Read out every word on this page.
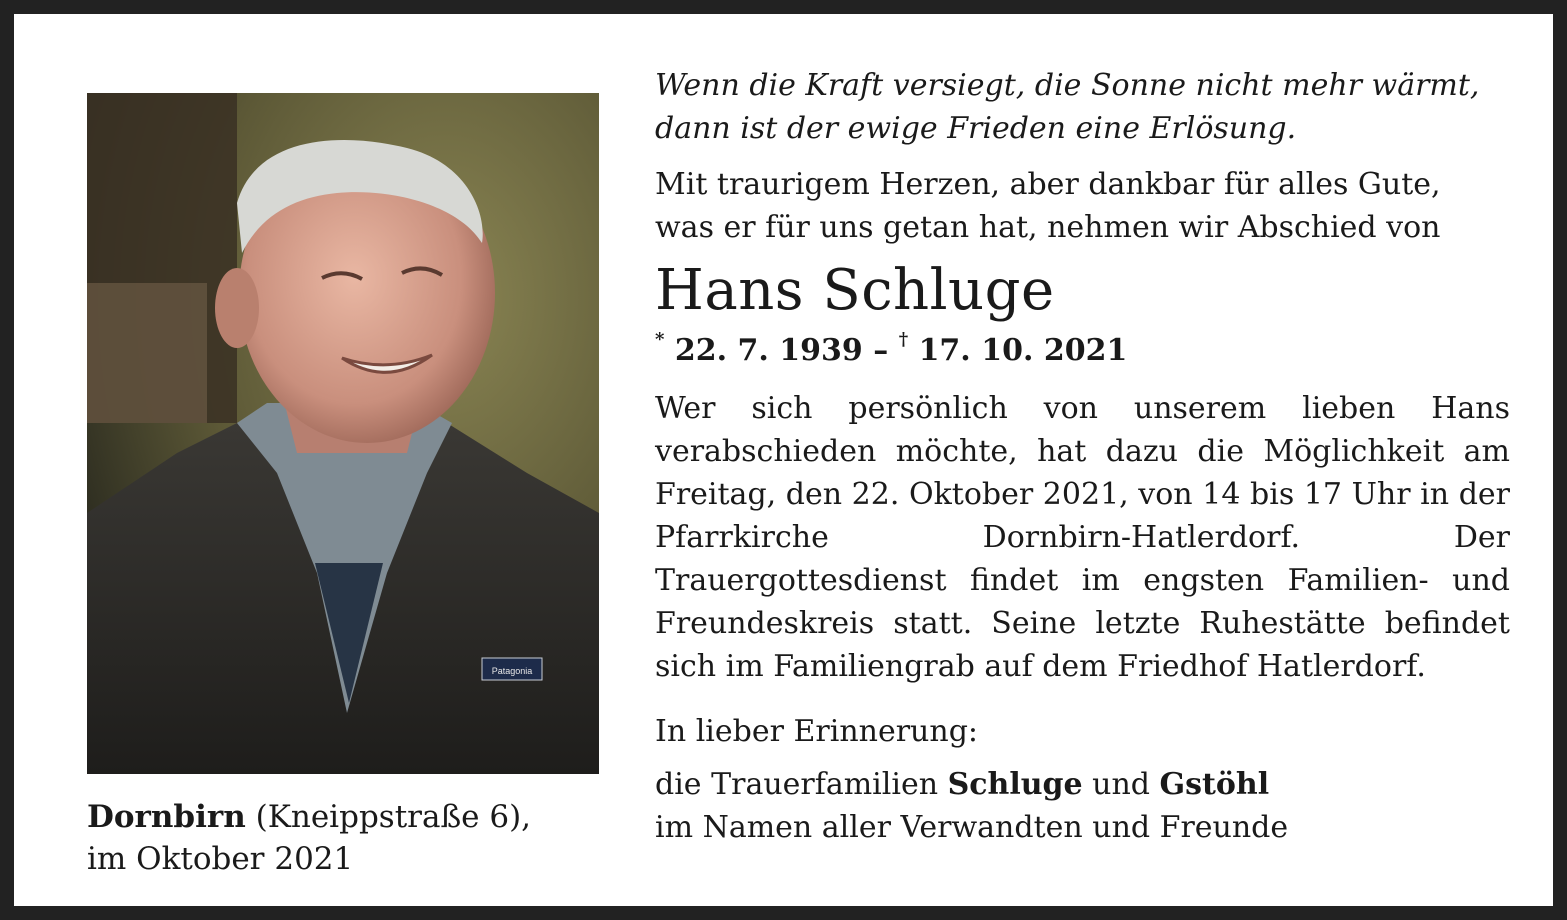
Patagonia
Dornbirn (Kneippstraße 6),
im Oktober 2021

Wenn die Kraft versiegt, die Sonne nicht mehr wärmt,
dann ist der ewige Frieden eine Erlösung.

Mit traurigem Herzen, aber dankbar für alles Gute,
was er für uns getan hat, nehmen wir Abschied von

Hans Schluge

* 22. 7. 1939 – † 17. 10. 2021

Wer sich persönlich von unserem lieben Hans verabschieden möchte, hat dazu die Möglichkeit am Freitag, den 22. Oktober 2021, von 14 bis 17 Uhr in der Pfarrkirche Dornbirn-Hatlerdorf. Der Trauergottesdienst findet im engsten Familien- und Freundeskreis statt. Seine letzte Ruhestätte befindet sich im Familiengrab auf dem Friedhof Hatlerdorf.

In lieber Erinnerung:

die Trauerfamilien Schluge und Gstöhl
im Namen aller Verwandten und Freunde
